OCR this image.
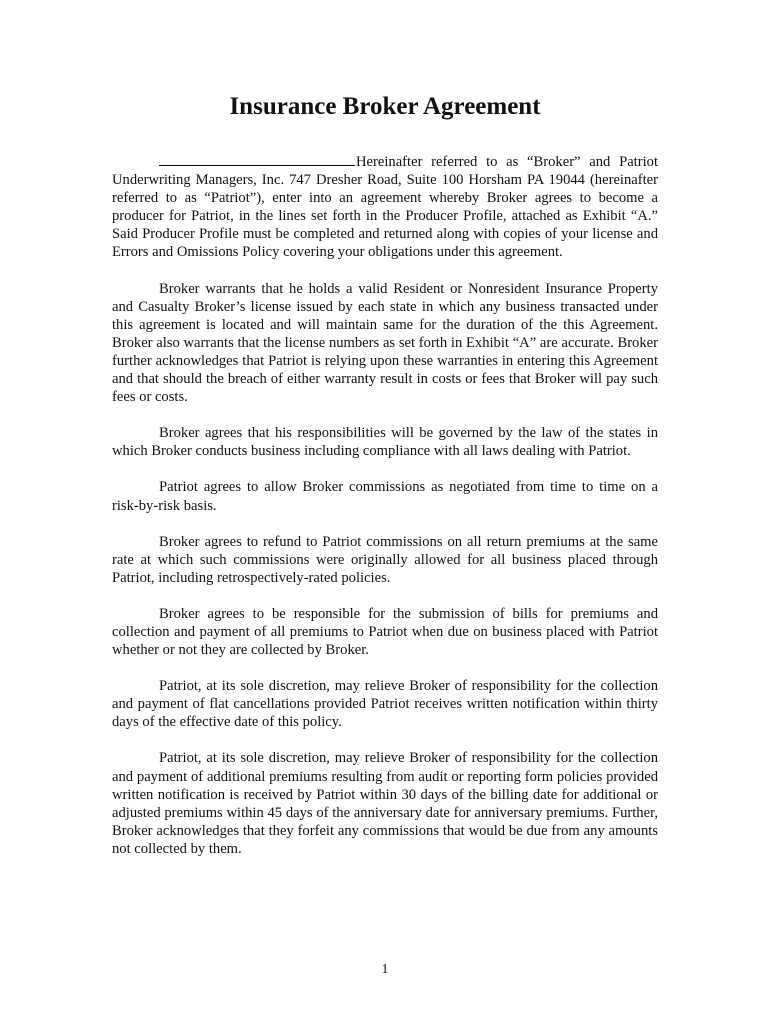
Insurance Broker Agreement

Hereinafter referred to as “Broker” and Patriot Underwriting Managers, Inc. 747 Dresher Road, Suite 100 Horsham PA 19044 (hereinafter referred to as “Patriot”), enter into an agreement whereby Broker agrees to become a producer for Patriot, in the lines set forth in the Producer Profile, attached as Exhibit “A.” Said Producer Profile must be completed and returned along with copies of your license and Errors and Omissions Policy covering your obligations under this agreement.

Broker warrants that he holds a valid Resident or Nonresident Insurance Property and Casualty Broker’s license issued by each state in which any business transacted under this agreement is located and will maintain same for the duration of the this Agreement. Broker also warrants that the license numbers as set forth in Exhibit “A” are accurate. Broker further acknowledges that Patriot is relying upon these warranties in entering this Agreement and that should the breach of either warranty result in costs or fees that Broker will pay such fees or costs.

Broker agrees that his responsibilities will be governed by the law of the states in which Broker conducts business including compliance with all laws dealing with Patriot.

Patriot agrees to allow Broker commissions as negotiated from time to time on a risk-by-risk basis.

Broker agrees to refund to Patriot commissions on all return premiums at the same rate at which such commissions were originally allowed for all business placed through Patriot, including retrospectively-rated policies.

Broker agrees to be responsible for the submission of bills for premiums and collection and payment of all premiums to Patriot when due on business placed with Patriot whether or not they are collected by Broker.

Patriot, at its sole discretion, may relieve Broker of responsibility for the collection and payment of flat cancellations provided Patriot receives written notification within thirty days of the effective date of this policy.

Patriot, at its sole discretion, may relieve Broker of responsibility for the collection and payment of additional premiums resulting from audit or reporting form policies provided written notification is received by Patriot within 30 days of the billing date for additional or adjusted premiums within 45 days of the anniversary date for anniversary premiums. Further, Broker acknowledges that they forfeit any commissions that would be due from any amounts not collected by them.

1
